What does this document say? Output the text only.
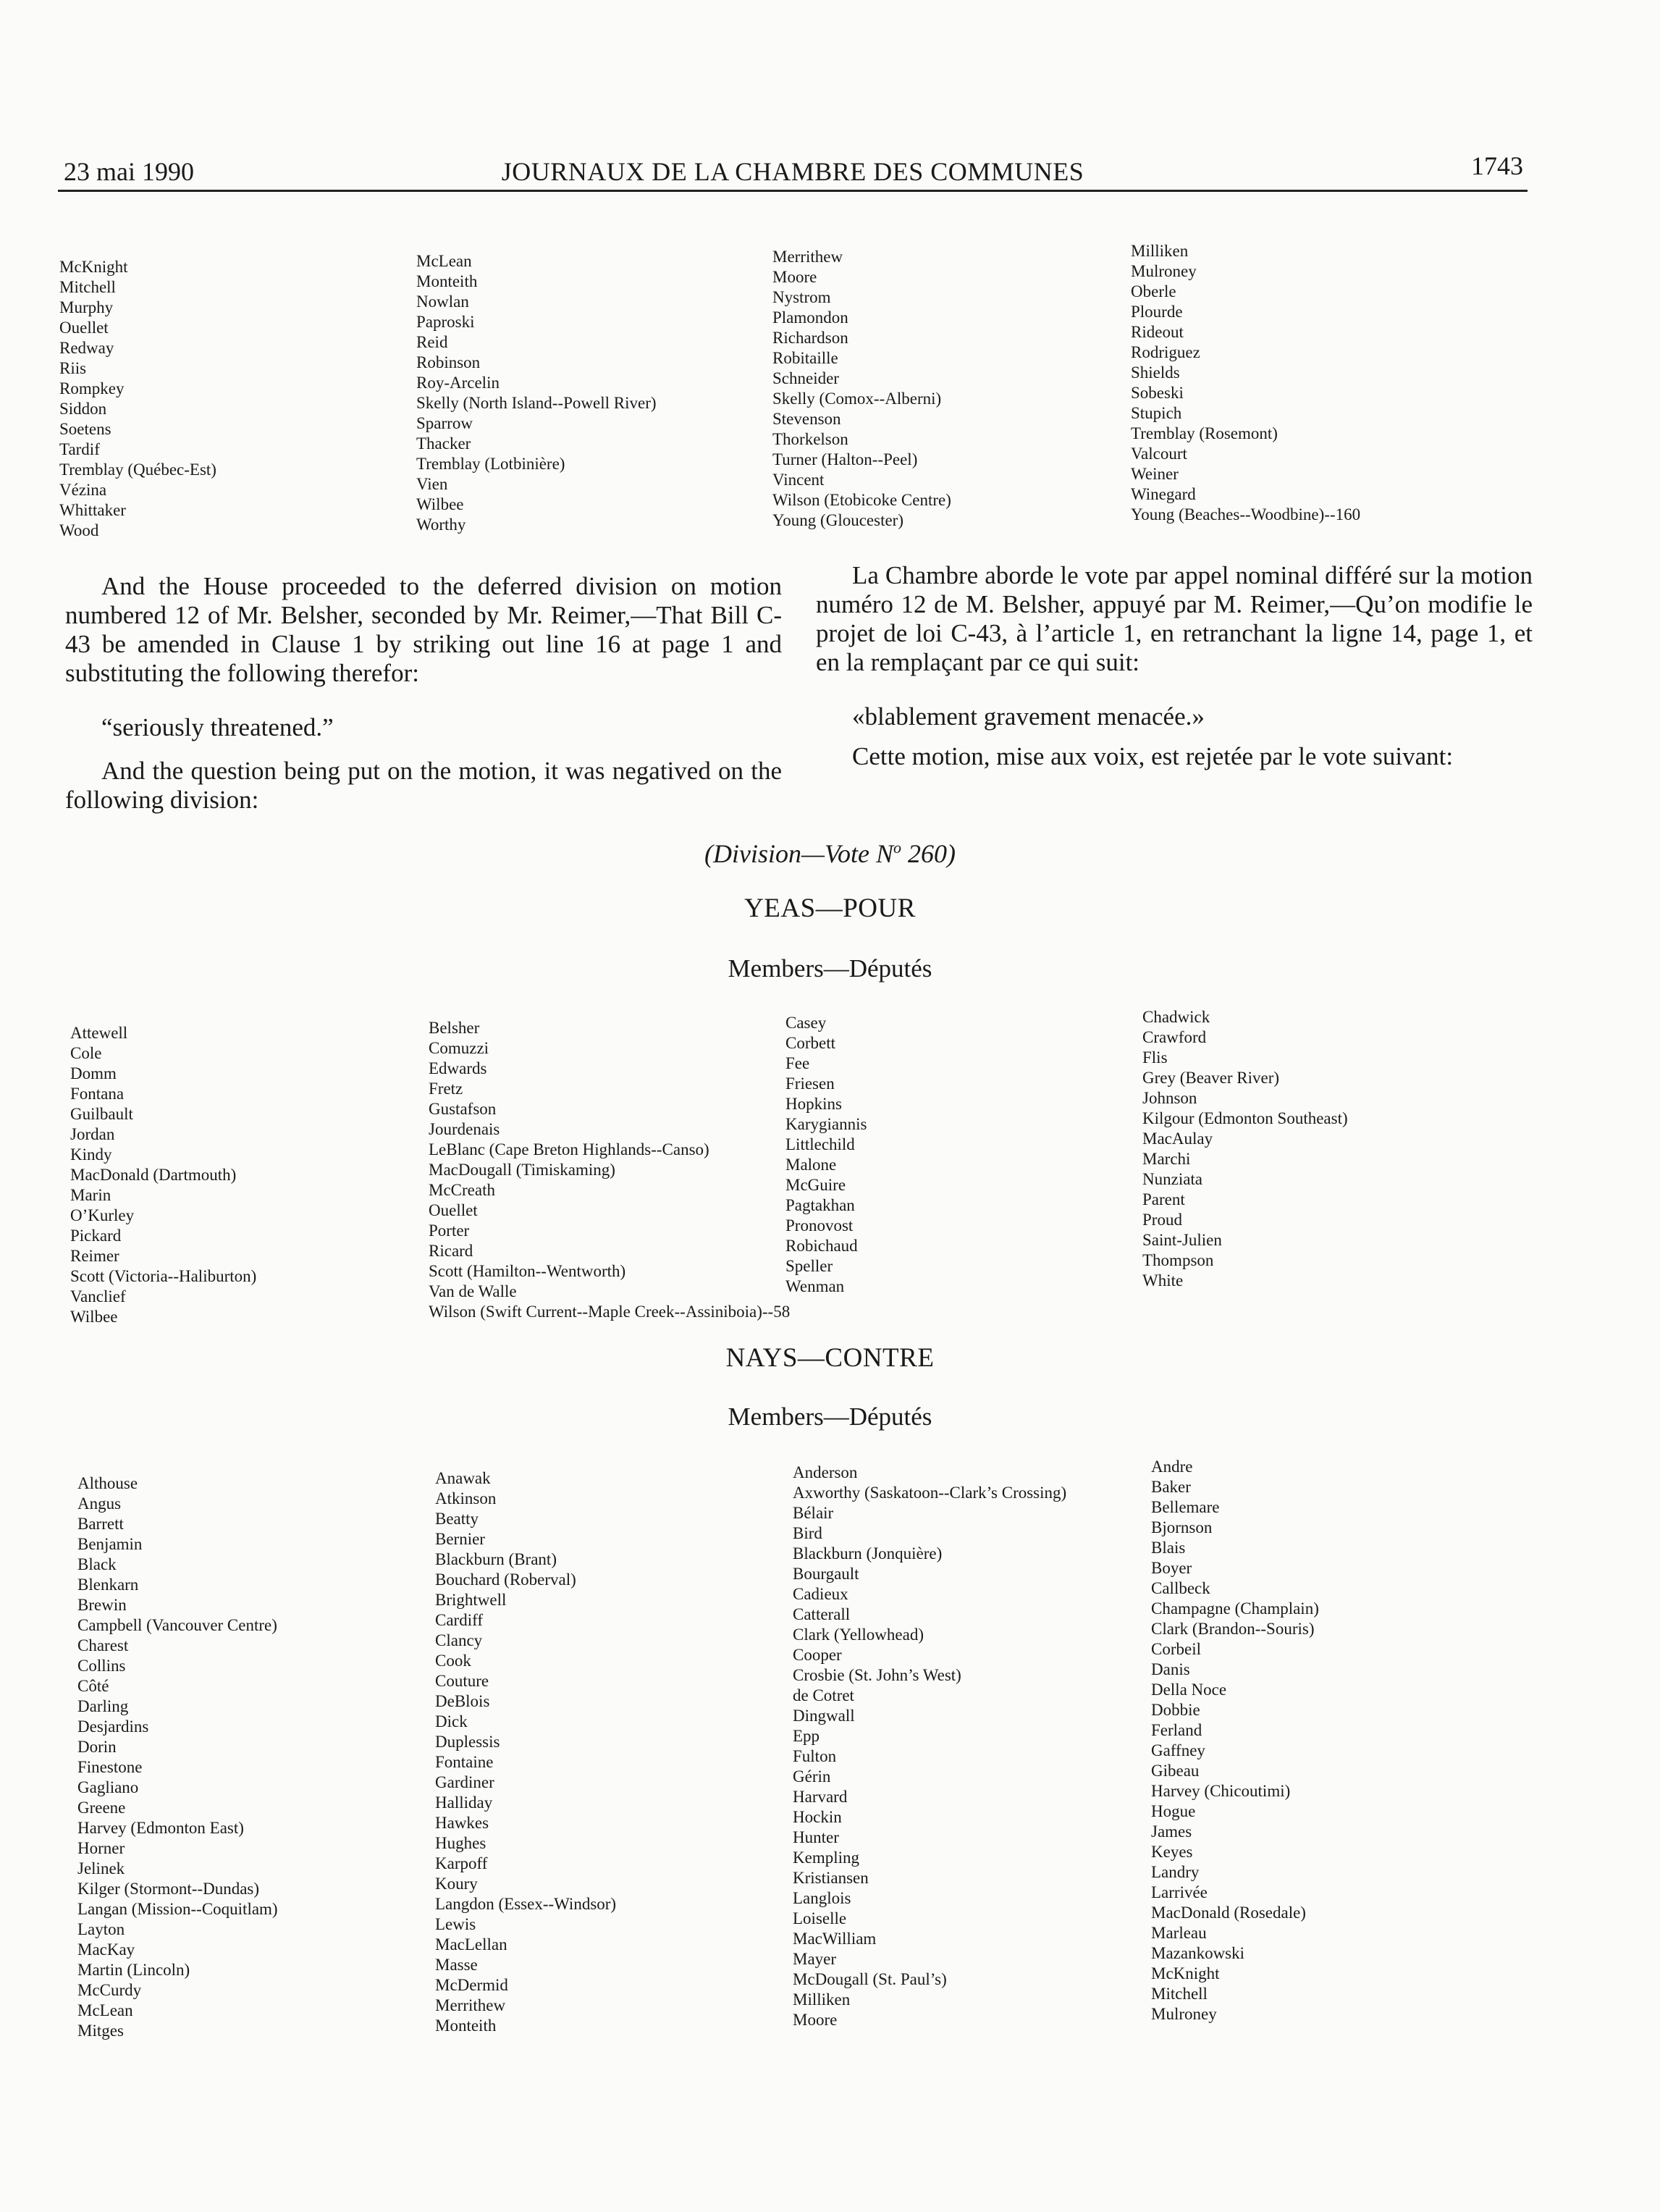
23 mai 1990	JOURNAUX DE LA CHAMBRE DES COMMUNES	1743
McKnight
Mitchell
Murphy
Ouellet
Redway
Riis
Rompkey
Siddon
Soetens
Tardif
Tremblay (Québec-Est)
Vézina
Whittaker
Wood
McLean
Monteith
Nowlan
Paproski
Reid
Robinson
Roy-Arcelin
Skelly (North Island--Powell River)
Sparrow
Thacker
Tremblay (Lotbinière)
Vien
Wilbee
Worthy
Merrithew
Moore
Nystrom
Plamondon
Richardson
Robitaille
Schneider
Skelly (Comox--Alberni)
Stevenson
Thorkelson
Turner (Halton--Peel)
Vincent
Wilson (Etobicoke Centre)
Young (Gloucester)
Milliken
Mulroney
Oberle
Plourde
Rideout
Rodriguez
Shields
Sobeski
Stupich
Tremblay (Rosemont)
Valcourt
Weiner
Winegard
Young (Beaches--Woodbine)--160

And the House proceeded to the deferred division on motion numbered 12 of Mr. Belsher, seconded by Mr. Reimer,—That Bill C-43 be amended in Clause 1 by striking out line 16 at page 1 and substituting the following therefor:

“seriously threatened.”

And the question being put on the motion, it was negatived on the following division:

La Chambre aborde le vote par appel nominal différé sur la motion numéro 12 de M. Belsher, appuyé par M. Reimer,—Qu’on modifie le projet de loi C-43, à l’article 1, en retranchant la ligne 14, page 1, et en la remplaçant par ce qui suit:

«blablement gravement menacée.»

Cette motion, mise aux voix, est rejetée par le vote suivant:

(Division—Vote $N^o$ 260)

YEAS—POUR

Members—Députés

Attewell
Cole
Domm
Fontana
Guilbault
Jordan
Kindy
MacDonald (Dartmouth)
Marin
O’Kurley
Pickard
Reimer
Scott (Victoria--Haliburton)
Vanclief
Wilbee
Belsher
Comuzzi
Edwards
Fretz
Gustafson
Jourdenais
LeBlanc (Cape Breton Highlands--Canso)
MacDougall (Timiskaming)
McCreath
Ouellet
Porter
Ricard
Scott (Hamilton--Wentworth)
Van de Walle
Wilson (Swift Current--Maple Creek--Assiniboia)--58
Casey
Corbett
Fee
Friesen
Hopkins
Karygiannis
Littlechild
Malone
McGuire
Pagtakhan
Pronovost
Robichaud
Speller
Wenman
Chadwick
Crawford
Flis
Grey (Beaver River)
Johnson
Kilgour (Edmonton Southeast)
MacAulay
Marchi
Nunziata
Parent
Proud
Saint-Julien
Thompson
White

NAYS—CONTRE

Members—Députés

Althouse
Angus
Barrett
Benjamin
Black
Blenkarn
Brewin
Campbell (Vancouver Centre)
Charest
Collins
Côté
Darling
Desjardins
Dorin
Finestone
Gagliano
Greene
Harvey (Edmonton East)
Horner
Jelinek
Kilger (Stormont--Dundas)
Langan (Mission--Coquitlam)
Layton
MacKay
Martin (Lincoln)
McCurdy
McLean
Mitges
Anawak
Atkinson
Beatty
Bernier
Blackburn (Brant)
Bouchard (Roberval)
Brightwell
Cardiff
Clancy
Cook
Couture
DeBlois
Dick
Duplessis
Fontaine
Gardiner
Halliday
Hawkes
Hughes
Karpoff
Koury
Langdon (Essex--Windsor)
Lewis
MacLellan
Masse
McDermid
Merrithew
Monteith
Anderson
Axworthy (Saskatoon--Clark’s Crossing)
Bélair
Bird
Blackburn (Jonquière)
Bourgault
Cadieux
Catterall
Clark (Yellowhead)
Cooper
Crosbie (St. John’s West)
de Cotret
Dingwall
Epp
Fulton
Gérin
Harvard
Hockin
Hunter
Kempling
Kristiansen
Langlois
Loiselle
MacWilliam
Mayer
McDougall (St. Paul’s)
Milliken
Moore
Andre
Baker
Bellemare
Bjornson
Blais
Boyer
Callbeck
Champagne (Champlain)
Clark (Brandon--Souris)
Corbeil
Danis
Della Noce
Dobbie
Ferland
Gaffney
Gibeau
Harvey (Chicoutimi)
Hogue
James
Keyes
Landry
Larrivée
MacDonald (Rosedale)
Marleau
Mazankowski
McKnight
Mitchell
Mulroney
